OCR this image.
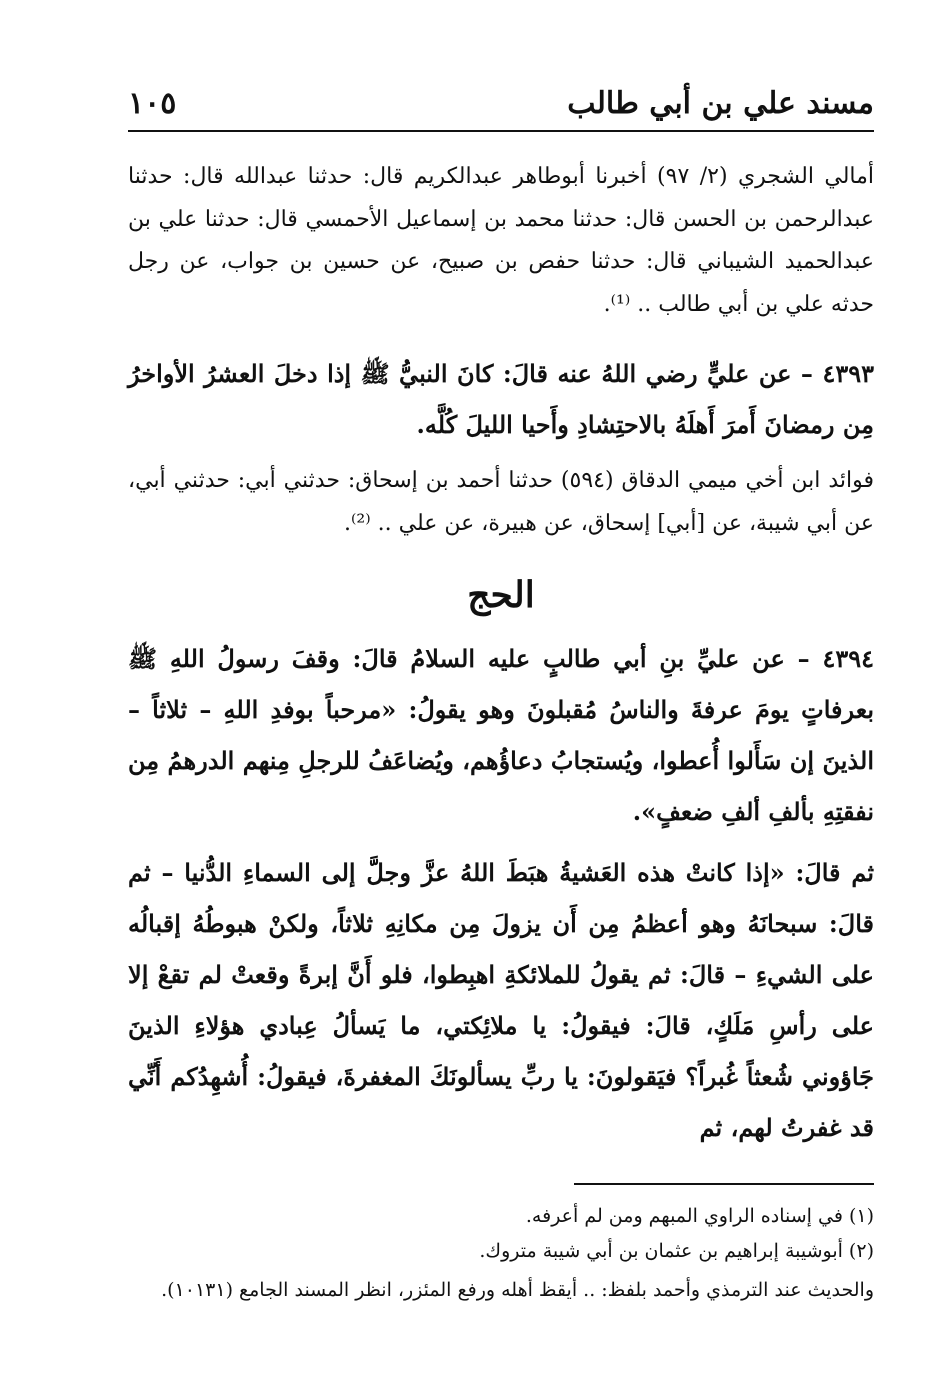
مسند علي بن أبي طالب
١٠٥

أمالي الشجري (٢/ ٩٧) أخبرنا أبوطاهر عبدالكريم قال: حدثنا عبدالله قال: حدثنا عبدالرحمن بن الحسن قال: حدثنا محمد بن إسماعيل الأحمسي قال: حدثنا علي بن عبدالحميد الشيباني قال: حدثنا حفص بن صبيح، عن حسين بن جواب، عن رجل حدثه علي بن أبي طالب .. ⁽¹⁾.

٤٣٩٣ – عن عليٍّ رضي اللهُ عنه قالَ: كانَ النبيُّ ﷺ إذا دخلَ العشرُ الأواخرُ مِن رمضانَ أَمرَ أَهلَهُ بالاحتِشادِ وأَحيا الليلَ كُلَّه.

فوائد ابن أخي ميمي الدقاق (٥٩٤) حدثنا أحمد بن إسحاق: حدثني أبي: حدثني أبي، عن أبي شيبة، عن [أبي] إسحاق، عن هبيرة، عن علي .. ⁽²⁾.

الحج

٤٣٩٤ – عن عليِّ بنِ أبي طالبٍ عليه السلامُ قالَ: وقفَ رسولُ اللهِ ﷺ بعرفاتٍ يومَ عرفةَ والناسُ مُقبلونَ وهو يقولُ: «مرحباً بوفدِ اللهِ – ثلاثاً – الذينَ إن سَأَلوا أُعطوا، ويُستجابُ دعاؤُهم، ويُضاعَفُ للرجلِ مِنهم الدرهمُ مِن نفقتِهِ بألفِ ألفِ ضعفٍ».

ثم قالَ: «إذا كانتْ هذه العَشيةُ هبَطَ اللهُ عزَّ وجلَّ إلى السماءِ الدُّنيا – ثم قالَ: سبحانَهُ وهو أعظمُ مِن أَن يزولَ مِن مكانِهِ ثلاثاً، ولكنْ هبوطُهُ إقبالُه على الشيءِ – قالَ: ثم يقولُ للملائكةِ اهبِطوا، فلو أَنَّ إبرةً وقعتْ لم تقعْ إلا على رأسِ مَلَكٍ، قالَ: فيقولُ: يا ملائِكتي، ما يَسألُ عِبادي هؤلاءِ الذينَ جَاؤوني شُعثاً غُبراً؟ فيَقولونَ: يا ربِّ يسألونَكَ المغفرةَ، فيقولُ: أُشهِدُكم أَنِّي قد غفرتُ لهم، ثم

(١) في إسناده الراوي المبهم ومن لم أعرفه.

(٢) أبوشيبة إبراهيم بن عثمان بن أبي شيبة متروك.

والحديث عند الترمذي وأحمد بلفظ: .. أيقظ أهله ورفع المئزر، انظر المسند الجامع (١٠١٣١).
